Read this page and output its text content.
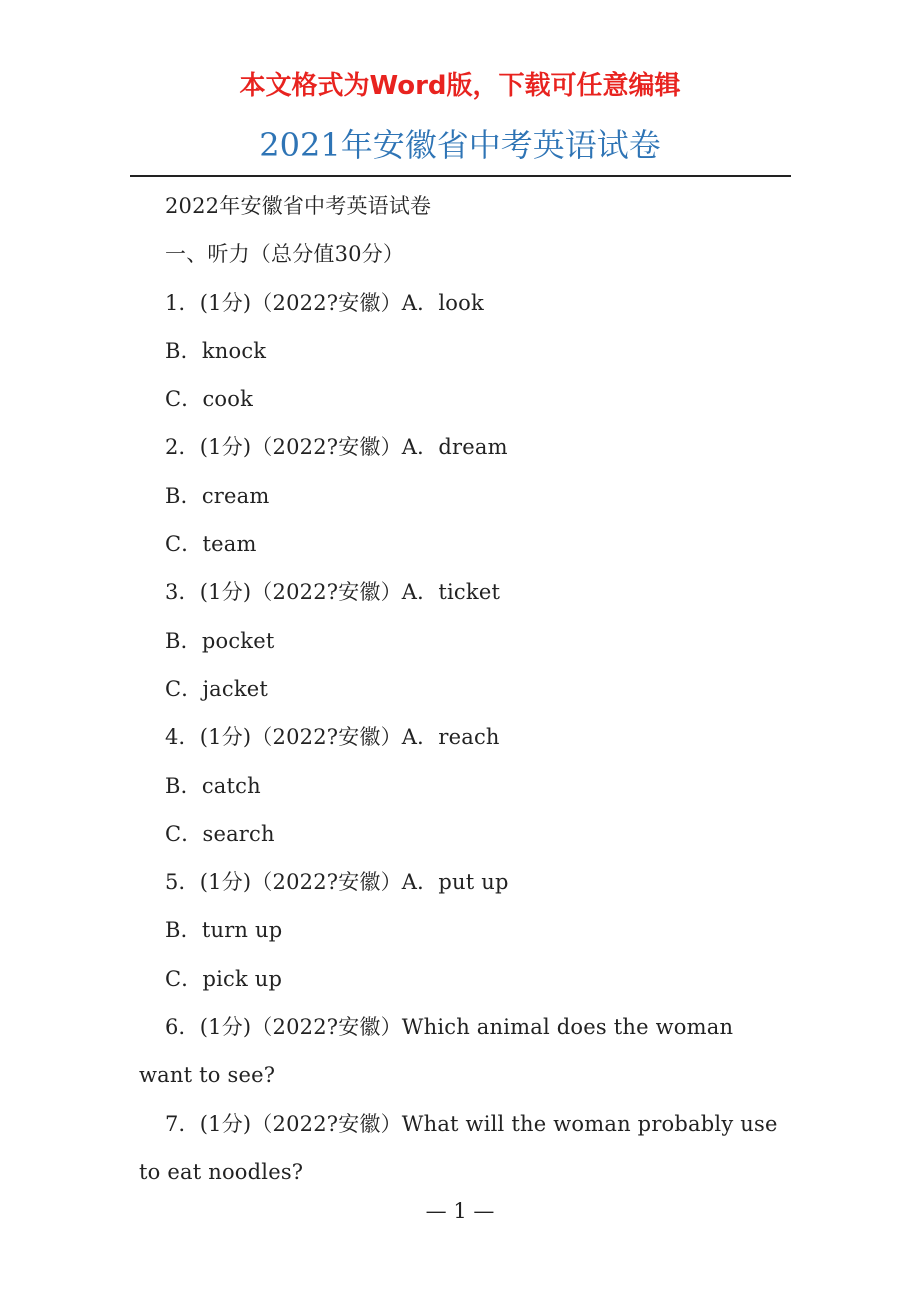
本文格式为Word版，下载可任意编辑
2021年安徽省中考英语试卷
2022年安徽省中考英语试卷
一、听力（总分值30分）
1．(1分)（2022?安徽）A．look
B．knock
C．cook
2．(1分)（2022?安徽）A．dream
B．cream
C．team
3．(1分)（2022?安徽）A．ticket
B．pocket
C．jacket
4．(1分)（2022?安徽）A．reach
B．catch
C．search
5．(1分)（2022?安徽）A．put up
B．turn up
C．pick up
6．(1分)（2022?安徽）Which animal does the woman want to see?
7．(1分)（2022?安徽）What will the woman probably use to eat noodles?
— 1 —
